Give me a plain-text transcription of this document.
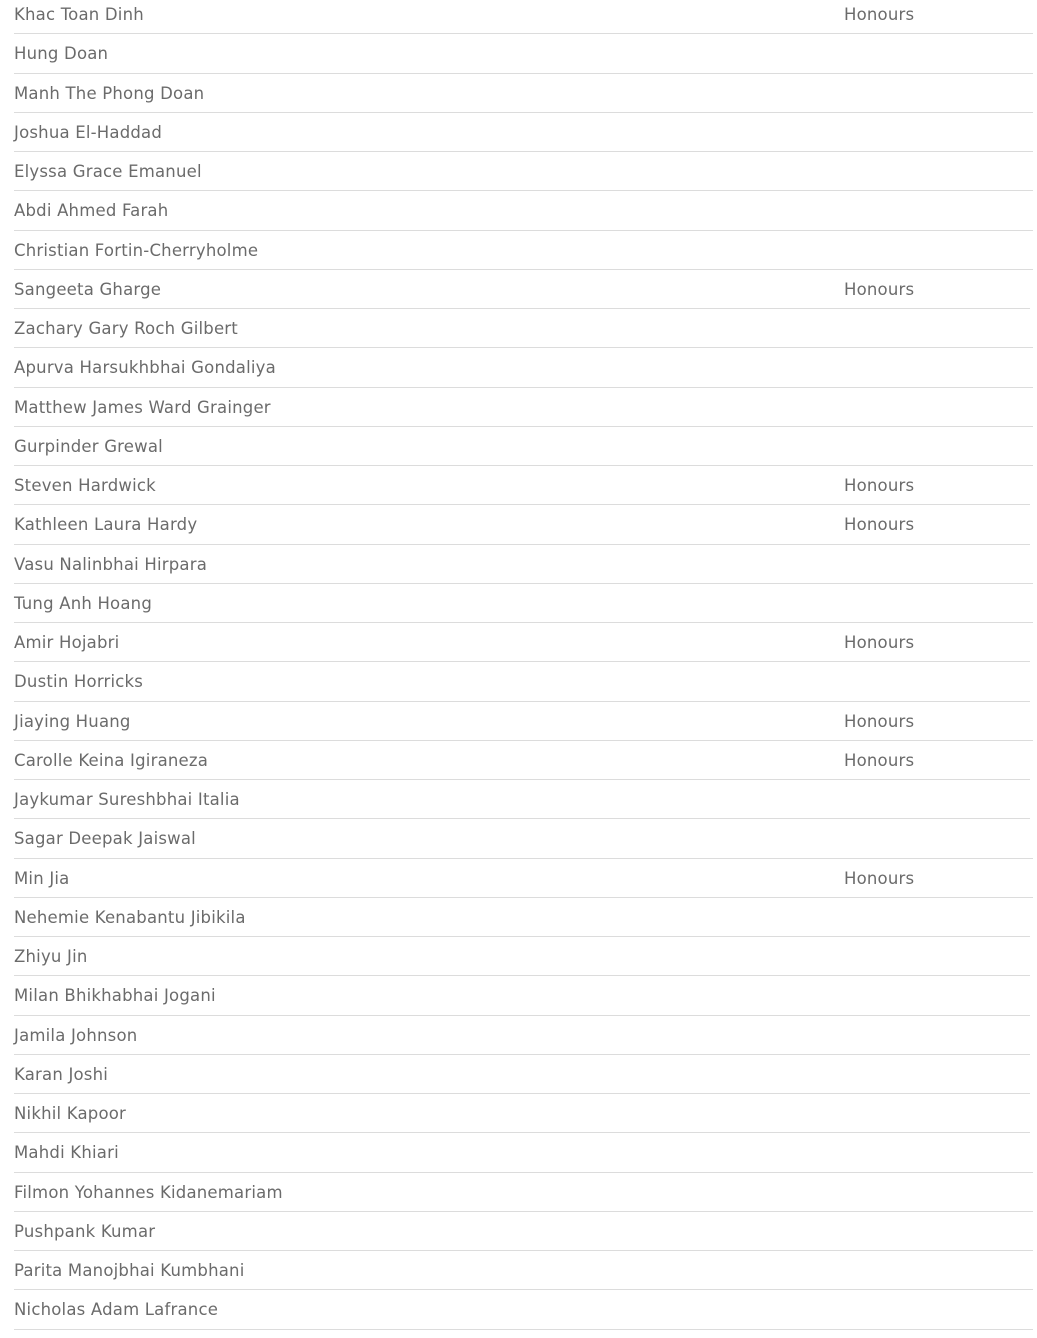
Khac Toan Dinh	Honours
Hung Doan
Manh The Phong Doan
Joshua El-Haddad
Elyssa Grace Emanuel
Abdi Ahmed Farah
Christian Fortin-Cherryholme
Sangeeta Gharge	Honours
Zachary Gary Roch Gilbert
Apurva Harsukhbhai Gondaliya
Matthew James Ward Grainger
Gurpinder Grewal
Steven Hardwick	Honours
Kathleen Laura Hardy	Honours
Vasu Nalinbhai Hirpara
Tung Anh Hoang
Amir Hojabri	Honours
Dustin Horricks
Jiaying Huang	Honours
Carolle Keina Igiraneza	Honours
Jaykumar Sureshbhai Italia
Sagar Deepak Jaiswal
Min Jia	Honours
Nehemie Kenabantu Jibikila
Zhiyu Jin
Milan Bhikhabhai Jogani
Jamila Johnson
Karan Joshi
Nikhil Kapoor
Mahdi Khiari
Filmon Yohannes Kidanemariam
Pushpank Kumar
Parita Manojbhai Kumbhani
Nicholas Adam Lafrance
